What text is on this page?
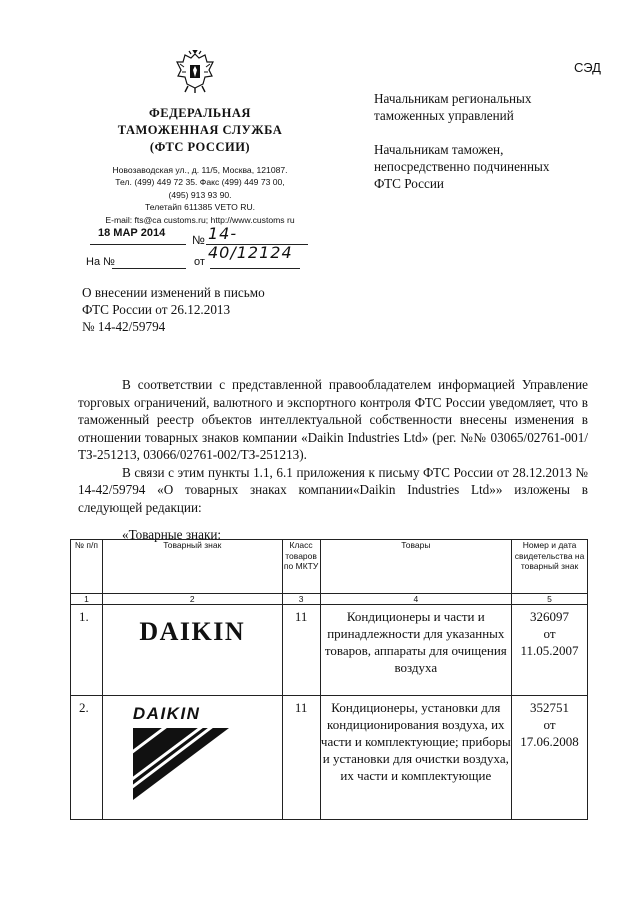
СЭД
ФЕДЕРАЛЬНАЯ
ТАМОЖЕННАЯ СЛУЖБА
(ФТС РОССИИ)
Новозаводская ул., д. 11/5, Москва, 121087.
Тел. (499) 449 72 35. Факс (499) 449 73 00,
(495) 913 93 90.
Телетайп 611385 VETO RU.
E-mail: fts@ca customs.ru; http://www.customs ru
18 МАР 2014 № 14-40/12124
На №	от
Начальникам региональных
таможенных управлений
Начальникам таможен,
непосредственно подчиненных
ФТС России
О внесении изменений в письмо
ФТС России от 26.12.2013
№ 14-42/59794

В соответствии с представленной правообладателем информацией Управление торговых ограничений, валютного и экспортного контроля ФТС России уведомляет, что в таможенный реестр объектов интеллектуальной собственности внесены изменения в отношении товарных знаков компании «Daikin Industries Ltd» (рег. №№ 03065/02761-001/ТЗ-251213, 03066/02761-002/ТЗ-251213).

В связи с этим пункты 1.1, 6.1 приложения к письму ФТС России от 28.12.2013 № 14-42/59794 «О товарных знаках компании«Daikin Industries Ltd»» изложены в следующей редакции:

«Товарные знаки:
№ п/п	Товарный знак	Класс товаров по МКТУ	Товары	Номер и дата свидетельства на товарный знак
1	2	3	4	5
1.	DAIKIN	11	Кондиционеры и части и принадлежности для указанных товаров, аппараты для очищения воздуха	326097
от
11.05.2007

2.	DAIKIN	11	Кондиционеры, установки для кондиционирования воздуха, их части и комплектующие; приборы и установки для очистки воздуха, их части и комплектующие	352751
от
17.06.2008
